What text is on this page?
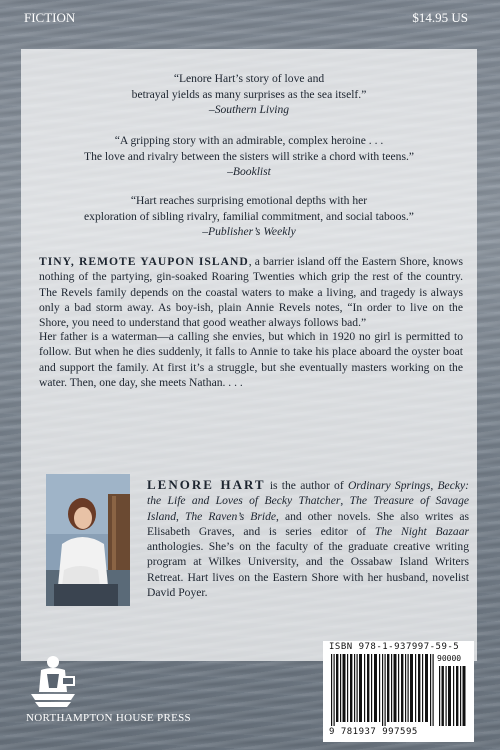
FICTION	$14.95 US
“Lenore Hart’s story of love and
betrayal yields as many surprises as the sea itself.”
–Southern Living
“A gripping story with an admirable, complex heroine . . .
The love and rivalry between the sisters will strike a chord with teens.”
–Booklist
“Hart reaches surprising emotional depths with her
exploration of sibling rivalry, familial commitment, and social taboos.”
–Publisher’s Weekly
TINY, REMOTE YAUPON ISLAND, a barrier island off the Eastern Shore, knows nothing of the partying, gin-soaked Roaring Twenties which grip the rest of the country. The Revels family depends on the coastal waters to make a living, and tragedy is always only a bad storm away. As boy-ish, plain Annie Revels notes, “In order to live on the Shore, you need to understand that good weather always follows bad.”
Her father is a waterman—a calling she envies, but which in 1920 no girl is permitted to follow. But when he dies suddenly, it falls to Annie to take his place aboard the oyster boat and support the family. At first it’s a struggle, but she eventually masters working on the water. Then, one day, she meets Nathan. . . .
LENORE HART is the author of Ordinary Springs, Becky: the Life and Loves of Becky Thatcher, The Treasure of Savage Island, The Raven’s Bride, and other novels. She also writes as Elisabeth Graves, and is series editor of The Night Bazaar anthologies. She’s on the faculty of the graduate creative writing program at Wilkes University, and the Ossabaw Island Writers Retreat. Hart lives on the Eastern Shore with her husband, novelist David Poyer.
NORTHAMPTON HOUSE PRESS
ISBN 978-1-937997-59-5
90000
9 781937 997595
